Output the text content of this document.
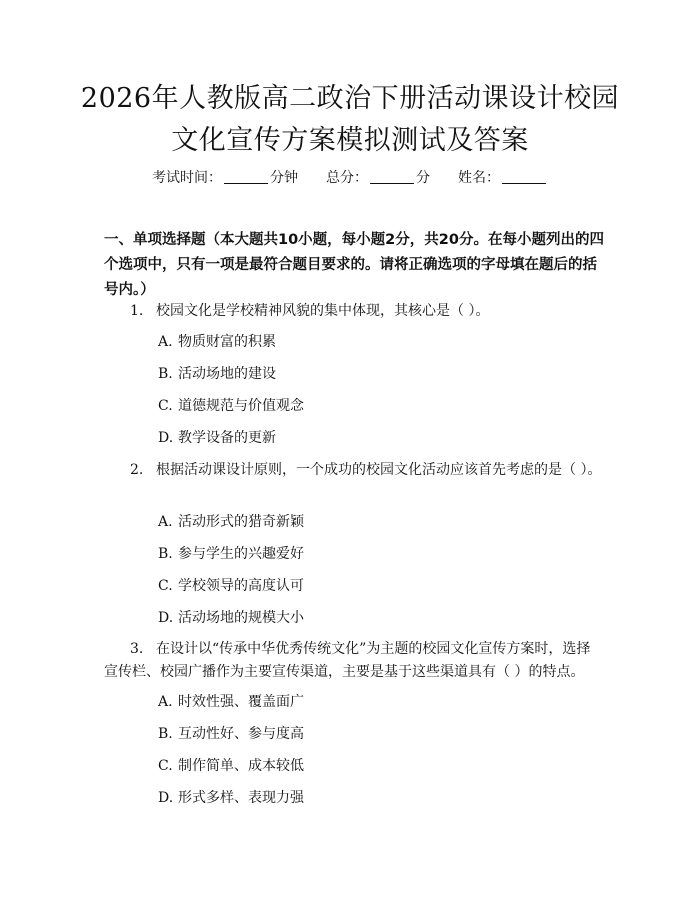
2026年人教版高二政治下册活动课设计校园
文化宣传方案模拟测试及答案
考试时间：	分钟 总分：	分 姓名：
一、单项选择题（本大题共10小题，每小题2分，共20分。在每小题列出的四个选项中，只有一项是最符合题目要求的。请将正确选项的字母填在题后的括号内。）
1. 校园文化是学校精神风貌的集中体现，其核心是（ ）。
A. 物质财富的积累
B. 活动场地的建设
C. 道德规范与价值观念
D. 教学设备的更新
2. 根据活动课设计原则，一个成功的校园文化活动应该首先考虑的是（ ）。
A. 活动形式的猎奇新颖
B. 参与学生的兴趣爱好
C. 学校领导的高度认可
D. 活动场地的规模大小
3. 在设计以“传承中华优秀传统文化”为主题的校园文化宣传方案时，选择宣传栏、校园广播作为主要宣传渠道，主要是基于这些渠道具有（ ）的特点。
A. 时效性强、覆盖面广
B. 互动性好、参与度高
C. 制作简单、成本较低
D. 形式多样、表现力强
